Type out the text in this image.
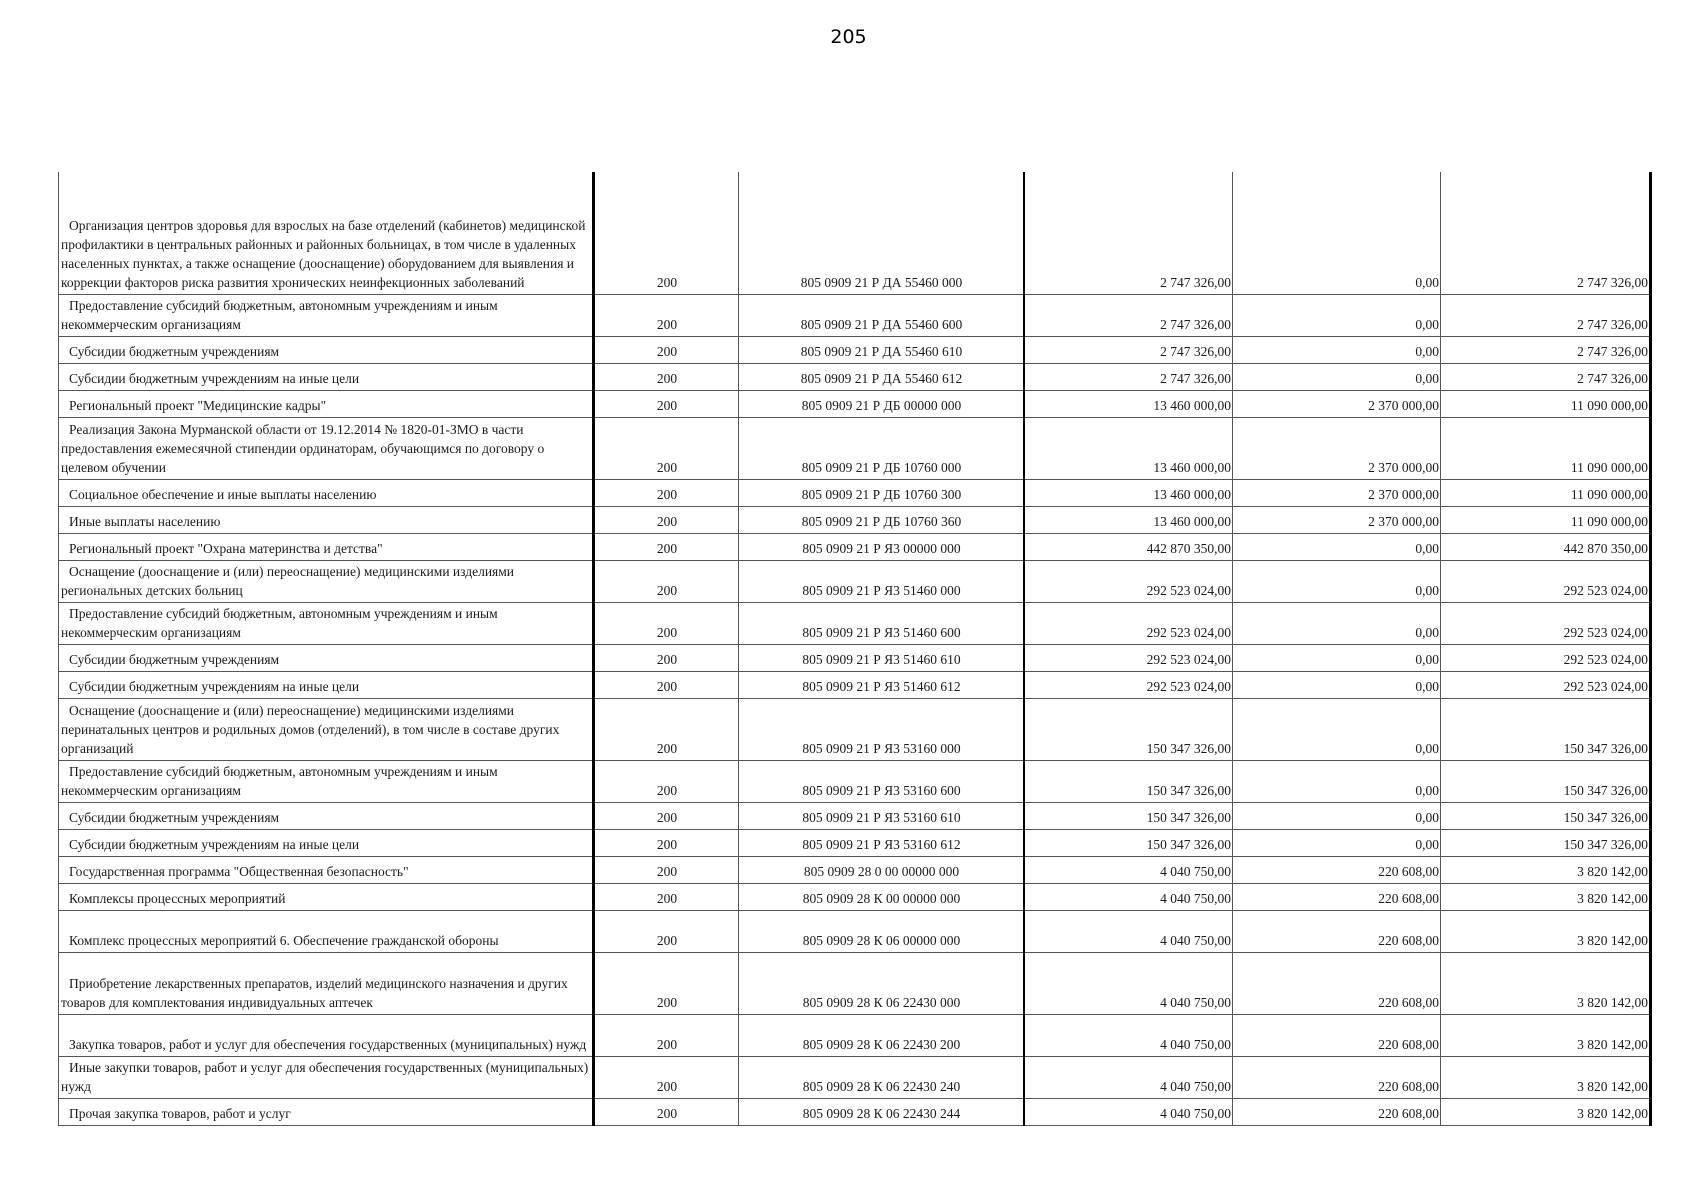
205
Организация центров здоровья для взрослых на базе отделений (кабинетов) медицинской профилактики в центральных районных и районных больницах, в том числе в удаленных населенных пунктах, а также оснащение (дооснащение) оборудованием для выявления и коррекции факторов риска развития хронических неинфекционных заболеваний	200	805 0909 21 Р ДА 55460 000	2 747 326,00	0,00	2 747 326,00
Предоставление субсидий бюджетным, автономным учреждениям и иным некоммерческим организациям	200	805 0909 21 Р ДА 55460 600	2 747 326,00	0,00	2 747 326,00
Субсидии бюджетным учреждениям	200	805 0909 21 Р ДА 55460 610	2 747 326,00	0,00	2 747 326,00
Субсидии бюджетным учреждениям на иные цели	200	805 0909 21 Р ДА 55460 612	2 747 326,00	0,00	2 747 326,00
Региональный проект "Медицинские кадры"	200	805 0909 21 Р ДБ 00000 000	13 460 000,00	2 370 000,00	11 090 000,00
Реализация Закона Мурманской области от 19.12.2014 № 1820-01-ЗМО в части предоставления ежемесячной стипендии ординаторам, обучающимся по договору о целевом обучении	200	805 0909 21 Р ДБ 10760 000	13 460 000,00	2 370 000,00	11 090 000,00
Социальное обеспечение и иные выплаты населению	200	805 0909 21 Р ДБ 10760 300	13 460 000,00	2 370 000,00	11 090 000,00
Иные выплаты населению	200	805 0909 21 Р ДБ 10760 360	13 460 000,00	2 370 000,00	11 090 000,00
Региональный проект "Охрана материнства и детства"	200	805 0909 21 Р Я3 00000 000	442 870 350,00	0,00	442 870 350,00
Оснащение (дооснащение и (или) переоснащение) медицинскими изделиями региональных детских больниц	200	805 0909 21 Р Я3 51460 000	292 523 024,00	0,00	292 523 024,00
Предоставление субсидий бюджетным, автономным учреждениям и иным некоммерческим организациям	200	805 0909 21 Р Я3 51460 600	292 523 024,00	0,00	292 523 024,00
Субсидии бюджетным учреждениям	200	805 0909 21 Р Я3 51460 610	292 523 024,00	0,00	292 523 024,00
Субсидии бюджетным учреждениям на иные цели	200	805 0909 21 Р Я3 51460 612	292 523 024,00	0,00	292 523 024,00
Оснащение (дооснащение и (или) переоснащение) медицинскими изделиями перинатальных центров и родильных домов (отделений), в том числе в составе других организаций	200	805 0909 21 Р Я3 53160 000	150 347 326,00	0,00	150 347 326,00
Предоставление субсидий бюджетным, автономным учреждениям и иным некоммерческим организациям	200	805 0909 21 Р Я3 53160 600	150 347 326,00	0,00	150 347 326,00
Субсидии бюджетным учреждениям	200	805 0909 21 Р Я3 53160 610	150 347 326,00	0,00	150 347 326,00
Субсидии бюджетным учреждениям на иные цели	200	805 0909 21 Р Я3 53160 612	150 347 326,00	0,00	150 347 326,00
Государственная программа "Общественная безопасность"	200	805 0909 28 0 00 00000 000	4 040 750,00	220 608,00	3 820 142,00
Комплексы процессных мероприятий	200	805 0909 28 К 00 00000 000	4 040 750,00	220 608,00	3 820 142,00
Комплекс процессных мероприятий 6. Обеспечение гражданской обороны	200	805 0909 28 К 06 00000 000	4 040 750,00	220 608,00	3 820 142,00
Приобретение лекарственных препаратов, изделий медицинского назначения и других товаров для комплектования индивидуальных аптечек	200	805 0909 28 К 06 22430 000	4 040 750,00	220 608,00	3 820 142,00
Закупка товаров, работ и услуг для обеспечения государственных (муниципальных) нужд	200	805 0909 28 К 06 22430 200	4 040 750,00	220 608,00	3 820 142,00
Иные закупки товаров, работ и услуг для обеспечения государственных (муниципальных) нужд	200	805 0909 28 К 06 22430 240	4 040 750,00	220 608,00	3 820 142,00
Прочая закупка товаров, работ и услуг	200	805 0909 28 К 06 22430 244	4 040 750,00	220 608,00	3 820 142,00
